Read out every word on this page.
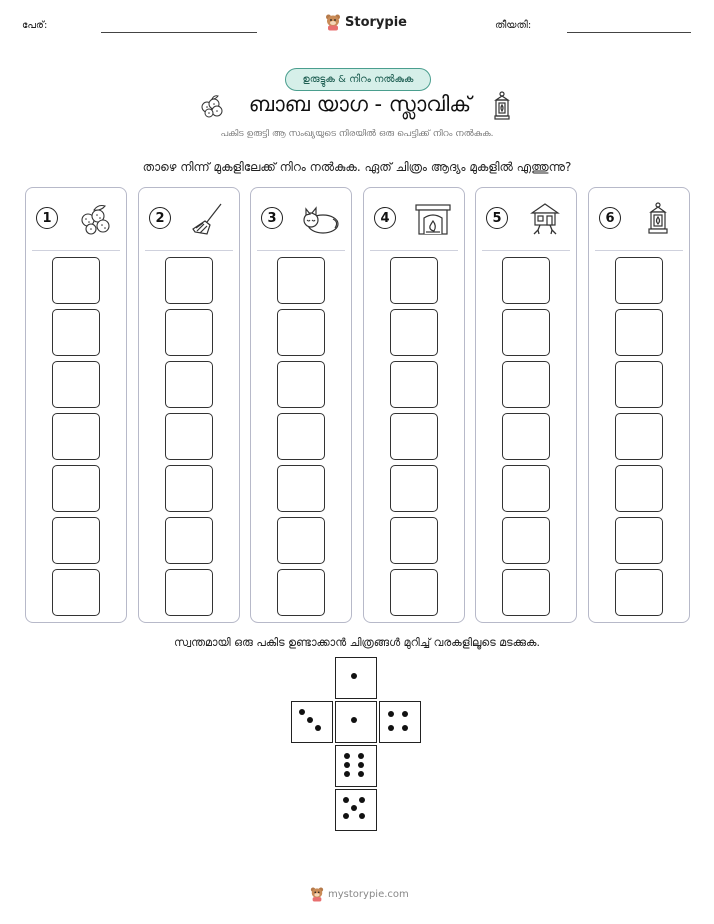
പേര്:	Storypie	തീയതി:
ഉരുട്ടുക & നിറം നൽകുക
ബാബ യാഗ - സ്ലാവിക്
പകിട ഉരുട്ടി ആ സംഖ്യയുടെ നിരയിൽ ഒരു പെട്ടിക്ക് നിറം നൽകുക.
താഴെ നിന്ന് മുകളിലേക്ക് നിറം നൽകുക. ഏത് ചിത്രം ആദ്യം മുകളിൽ എത്തുന്നു?
1	2	3	4	5	6
സ്വന്തമായി ഒരു പകിട ഉണ്ടാക്കാൻ ചിത്രങ്ങൾ മുറിച്ച് വരകളിലൂടെ മടക്കുക.
mystorypie.com
